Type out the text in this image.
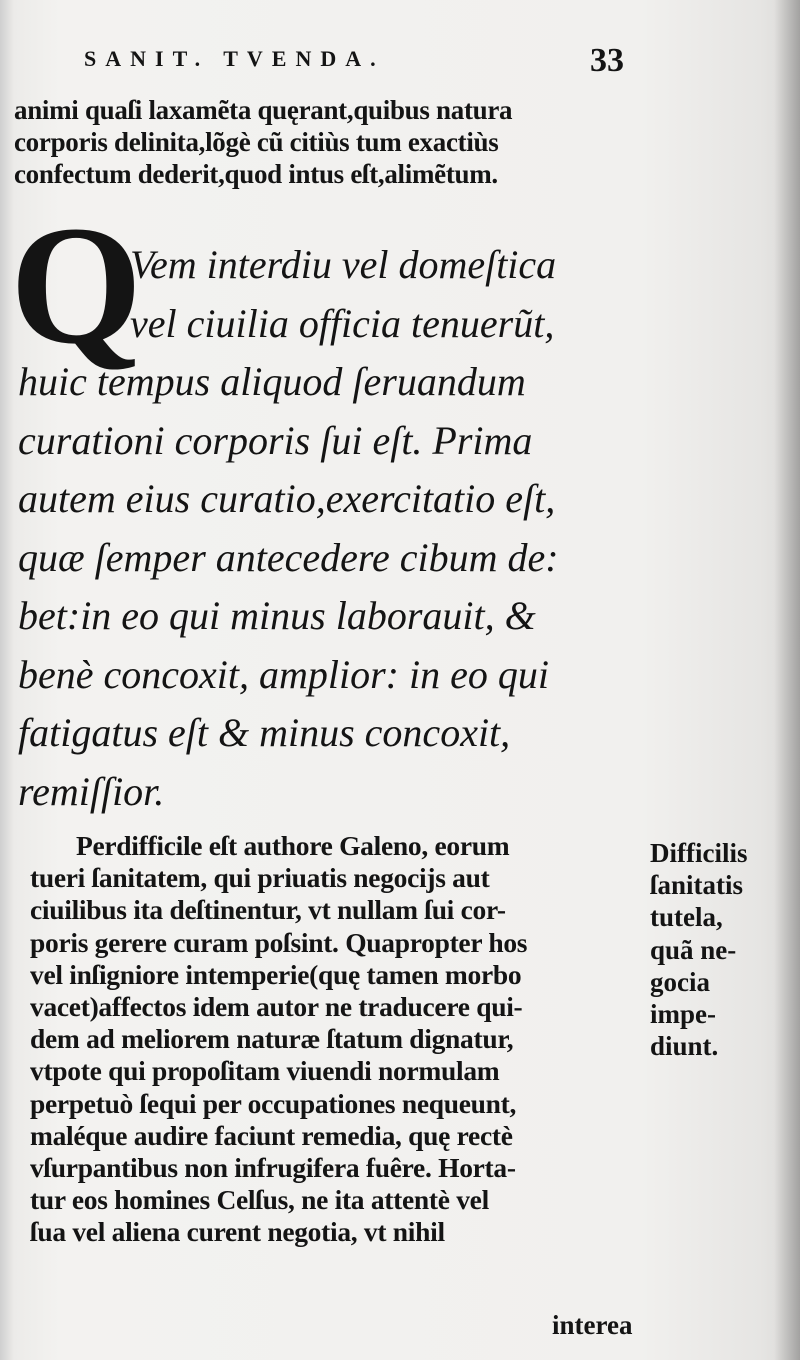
SANIT. TVENDA.	33
animi quaſi laxamẽta quęrant,quibus natura
corporis delinita,lõgè cũ citiùs tum exactiùs
confectum dederit,quod intus eſt,alimẽtum.
Q
Vem interdiu vel domeſtica
vel ciuilia officia tenuerũt,
huic tempus aliquod ſeruandum
curationi corporis ſui eſt. Prima
autem eius curatio,exercitatio eſt,
quæ ſemper antecedere cibum de:
bet:in eo qui minus laborauit, &
benè concoxit, amplior: in eo qui
fatigatus eſt & minus concoxit,
remiſſior.
Perdifficile eſt authore Galeno, eorum
tueri ſanitatem, qui priuatis negocijs aut
ciuilibus ita deſtinentur, vt nullam ſui cor-
poris gerere curam poſsint. Quapropter hos
vel inſigniore intemperie(quę tamen morbo
vacet)affectos idem autor ne traducere qui-
dem ad meliorem naturæ ſtatum dignatur,
vtpote qui propoſitam viuendi normulam
perpetuò ſequi per occupationes nequeunt,
maléque audire faciunt remedia, quę rectè
vſurpantibus non infrugifera fuêre. Horta-
tur eos homines Celſus, ne ita attentè vel
ſua vel aliena curent negotia, vt nihil
Difficilis
ſanitatis
tutela,
quã ne-
gocia
impe-
diunt.
interea
